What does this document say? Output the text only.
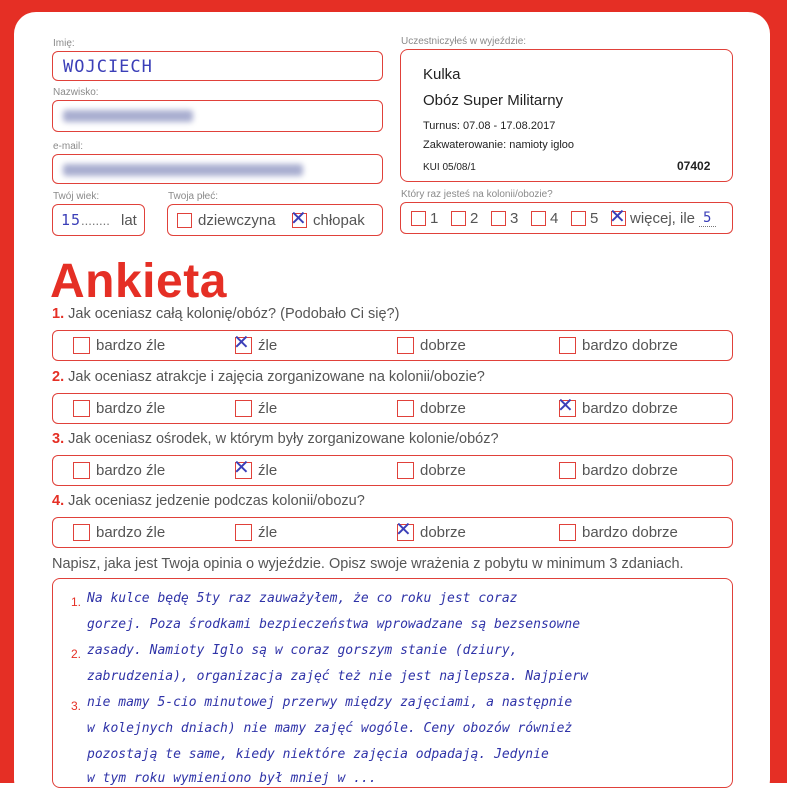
Imię:
WOJCIECH
Nazwisko:
e-mail:
Twój wiek:
15 ........ lat
Twoja płeć:
dziewczyna ✕ chłopak
Uczestniczyłeś w wyjeździe:
Kulka
Obóz Super Militarny
Turnus: 07.08 - 17.08.2017
Zakwaterowanie: namioty igloo
KUI 05/08/1	07402
Który raz jesteś na kolonii/obozie?
1 2 3 4 5 ✕ więcej, ile 5
Ankieta
1. Jak oceniasz całą kolonię/obóz? (Podobało Ci się?)
bardzo źle	✕ źle	dobrze	bardzo dobrze
2. Jak oceniasz atrakcje i zajęcia zorganizowane na kolonii/obozie?
bardzo źle	źle	dobrze	✕ bardzo dobrze
3. Jak oceniasz ośrodek, w którym były zorganizowane kolonie/obóz?
bardzo źle	✕ źle	dobrze	bardzo dobrze
4. Jak oceniasz jedzenie podczas kolonii/obozu?
bardzo źle	źle	✕ dobrze	bardzo dobrze
Napisz, jaka jest Twoja opinia o wyjeździe. Opisz swoje wrażenia z pobytu w minimum 3 zdaniach.
1.
2.
3.
Na kulce będę 5ty raz zauważyłem, że co roku jest coraz
gorzej. Poza środkami bezpieczeństwa wprowadzane są bezsensowne
zasady. Namioty Iglo są w coraz gorszym stanie (dziury,
zabrudzenia), organizacja zajęć też nie jest najlepsza. Najpierw
nie mamy 5-cio minutowej przerwy między zajęciami, a następnie
w kolejnych dniach) nie mamy zajęć wogóle. Ceny obozów również
pozostają te same, kiedy niektóre zajęcia odpadają. Jedynie
w tym roku wymieniono był mniej w ...
